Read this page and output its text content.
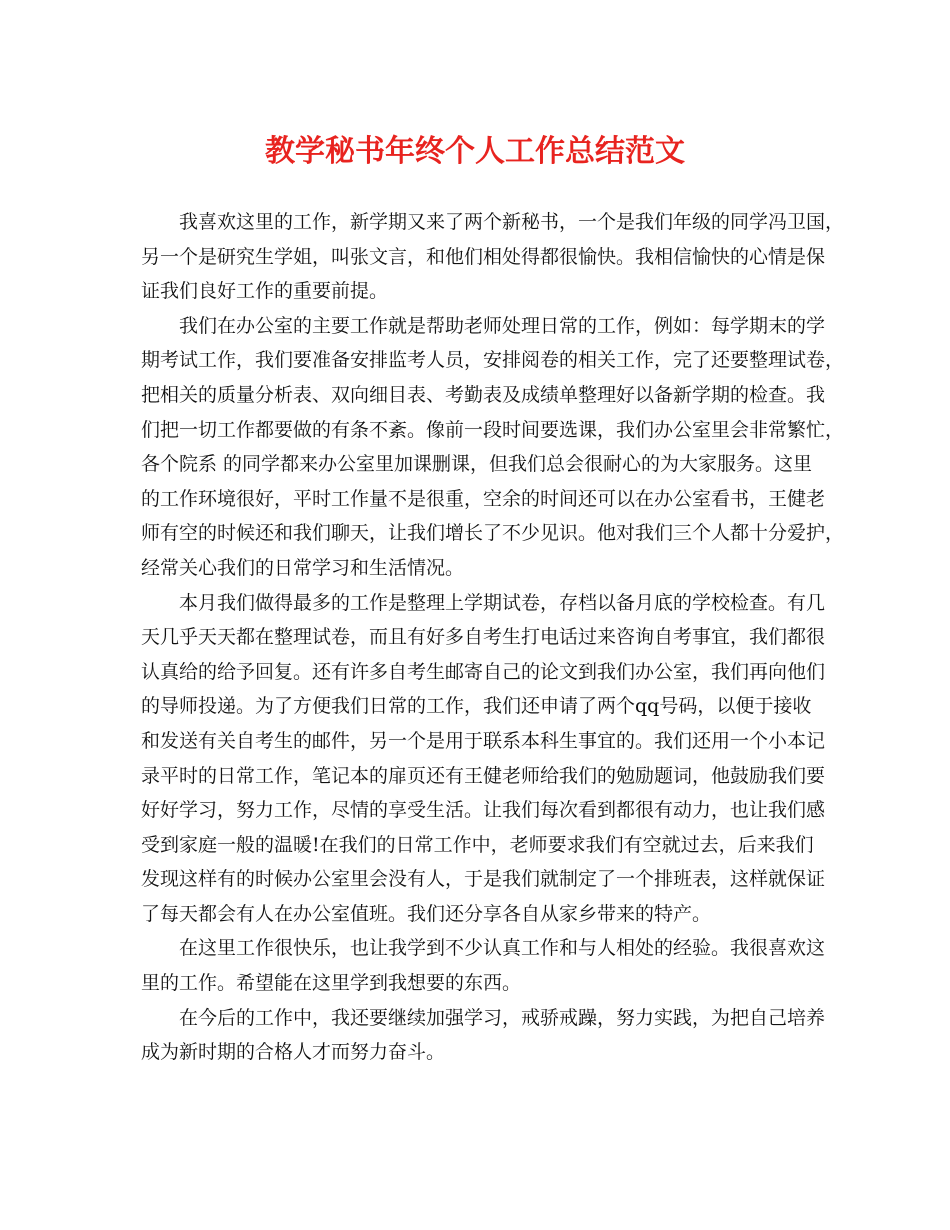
教学秘书年终个人工作总结范文
我喜欢这里的工作，新学期又来了两个新秘书，一个是我们年级的同学冯卫国，
另一个是研究生学姐，叫张文言，和他们相处得都很愉快。我相信愉快的心情是保
证我们良好工作的重要前提。
我们在办公室的主要工作就是帮助老师处理日常的工作，例如：每学期末的学
期考试工作，我们要准备安排监考人员，安排阅卷的相关工作，完了还要整理试卷，
把相关的质量分析表、双向细目表、考勤表及成绩单整理好以备新学期的检查。我
们把一切工作都要做的有条不紊。像前一段时间要选课，我们办公室里会非常繁忙，
各个院系 的同学都来办公室里加课删课，但我们总会很耐心的为大家服务。这里
的工作环境很好，平时工作量不是很重，空余的时间还可以在办公室看书，王健老
师有空的时候还和我们聊天，让我们增长了不少见识。他对我们三个人都十分爱护，
经常关心我们的日常学习和生活情况。
本月我们做得最多的工作是整理上学期试卷，存档以备月底的学校检查。有几
天几乎天天都在整理试卷，而且有好多自考生打电话过来咨询自考事宜，我们都很
认真给的给予回复。还有许多自考生邮寄自己的论文到我们办公室，我们再向他们
的导师投递。为了方便我们日常的工作，我们还申请了两个qq号码，以便于接收
和发送有关自考生的邮件，另一个是用于联系本科生事宜的。我们还用一个小本记
录平时的日常工作，笔记本的扉页还有王健老师给我们的勉励题词，他鼓励我们要
好好学习，努力工作，尽情的享受生活。让我们每次看到都很有动力，也让我们感
受到家庭一般的温暖!在我们的日常工作中，老师要求我们有空就过去，后来我们
发现这样有的时候办公室里会没有人，于是我们就制定了一个排班表，这样就保证
了每天都会有人在办公室值班。我们还分享各自从家乡带来的特产。
在这里工作很快乐，也让我学到不少认真工作和与人相处的经验。我很喜欢这
里的工作。希望能在这里学到我想要的东西。
在今后的工作中，我还要继续加强学习，戒骄戒躁，努力实践，为把自己培养
成为新时期的合格人才而努力奋斗。
